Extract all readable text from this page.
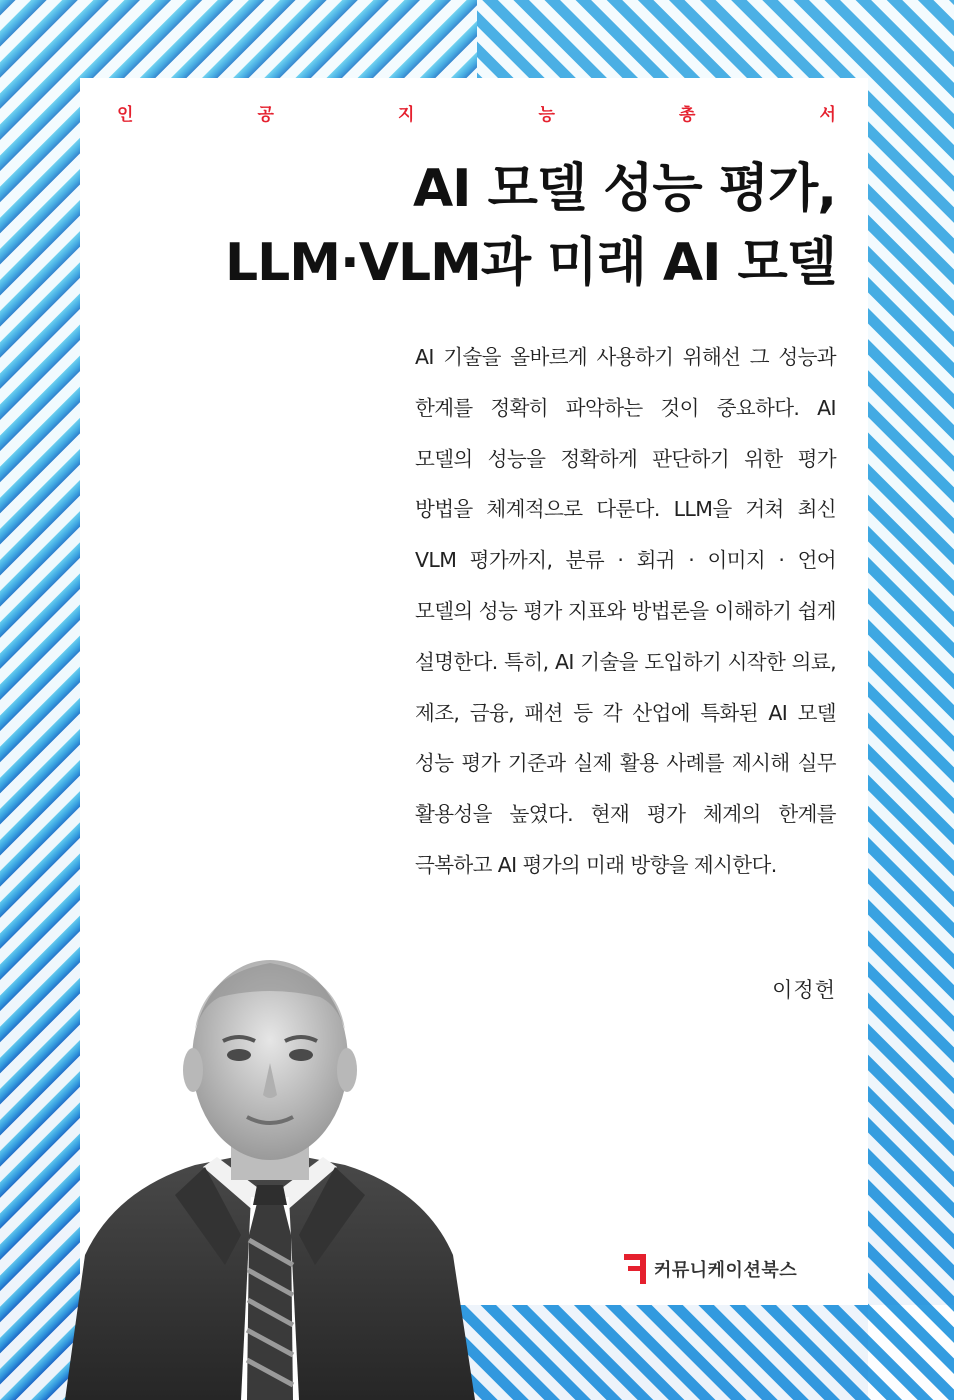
인	공	지	능	총	서
AI 모델 성능 평가,
LLM·VLM과 미래 AI 모델

AI 기술을 올바르게 사용하기 위해선 그 성능과 한계를 정확히 파악하는 것이 중요하다. AI 모델의 성능을 정확하게 판단하기 위한 평가 방법을 체계적으로 다룬다. LLM을 거쳐 최신 VLM 평가까지, 분류 · 회귀 · 이미지 · 언어 모델의 성능 평가 지표와 방법론을 이해하기 쉽게 설명한다. 특히, AI 기술을 도입하기 시작한 의료, 제조, 금융, 패션 등 각 산업에 특화된 AI 모델 성능 평가 기준과 실제 활용 사례를 제시해 실무 활용성을 높였다. 현재 평가 체계의 한계를 극복하고 AI 평가의 미래 방향을 제시한다.

이정헌
커뮤니케이션북스
